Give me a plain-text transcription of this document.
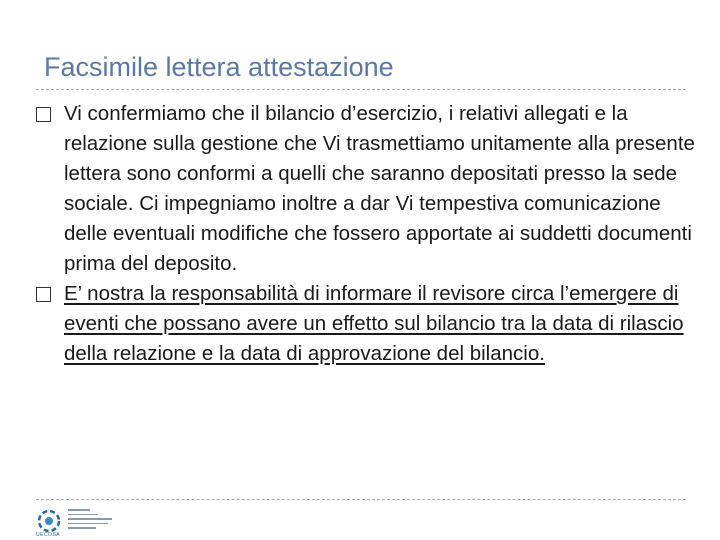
Facsimile lettera attestazione
Vi confermiamo che il bilancio d’esercizio, i relativi allegati e la relazione sulla gestione che Vi trasmettiamo unitamente alla presente lettera sono conformi a quelli che saranno depositati presso la sede sociale. Ci impegniamo inoltre a dar Vi tempestiva comunicazione delle eventuali modifiche che fossero apportate ai suddetti documenti prima del deposito.
E’ nostra la responsabilità di informare il revisore circa l’emergere di eventi che possano avere un effetto sul bilancio tra la data di rilascio della relazione e la data di approvazione del bilancio.
UECOSA
